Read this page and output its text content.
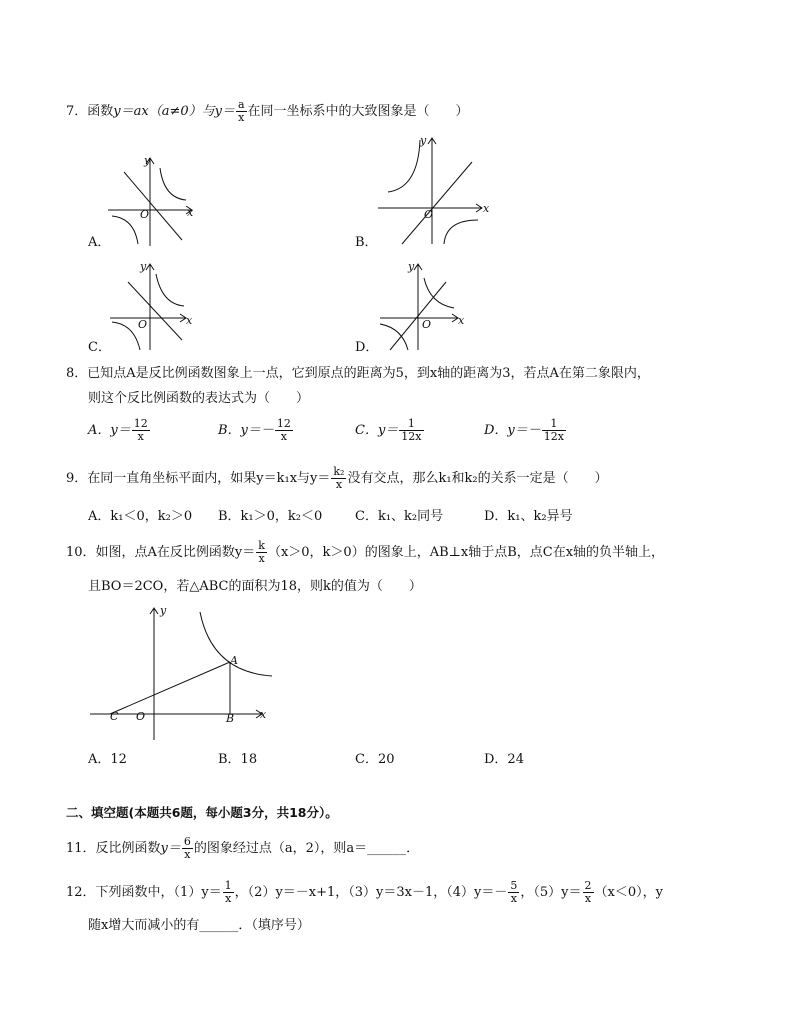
7．函数y＝ax（a≠0）与$y= \frac{a}{x}$ 在同一坐标系中的大致图象是（　　）
y
x
O
A．
y
x
O
B．
y
x
O
C．
y
x
O
D．
8．已知点A是反比例函数图象上一点，它到原点的距离为5，到x轴的距离为3，若点A在第二象限内，
则这个反比例函数的表达式为（　　）
A．$y= \frac{12}{x}$	B．$y=- \frac{12}{x}$	C．$y= \frac{1}{12x}$	D．$y=- \frac{1}{12x}$
9．在同一直角坐标平面内，如果y＝k₁x与$y= \frac{\text{k₂}}{x}$ 没有交点，那么k₁和k₂的关系一定是（　　）
A．k₁＜0，k₂＞0 B．k₁＞0，k₂＜0	C．k₁、k₂同号	D．k₁、k₂异号
10．如图，点A在反比例函数$y= \frac{k}{x} (x>0$，k＞0）的图象上，AB⊥x轴于点B，点C在x轴的负半轴上，
且BO＝2CO，若△ABC的面积为18，则k的值为（　　）
y
x
A
B
C O
A．12	B．18	C．20	D．24
二、填空题(本题共6题，每小题3分，共18分）。
11．反比例函数$y= \frac{6}{x}$ 的图象经过点（a，2），则a＝______．
12．下列函数中，$(1)y= \frac{1}{x}$ ，（2）y＝－x+1，（3）y＝3x－1，$(4)y=- \frac{5}{x}$ ，$(5)y= \frac{2}{x} (x<0)$，y
随x增大而减小的有______．（填序号）
